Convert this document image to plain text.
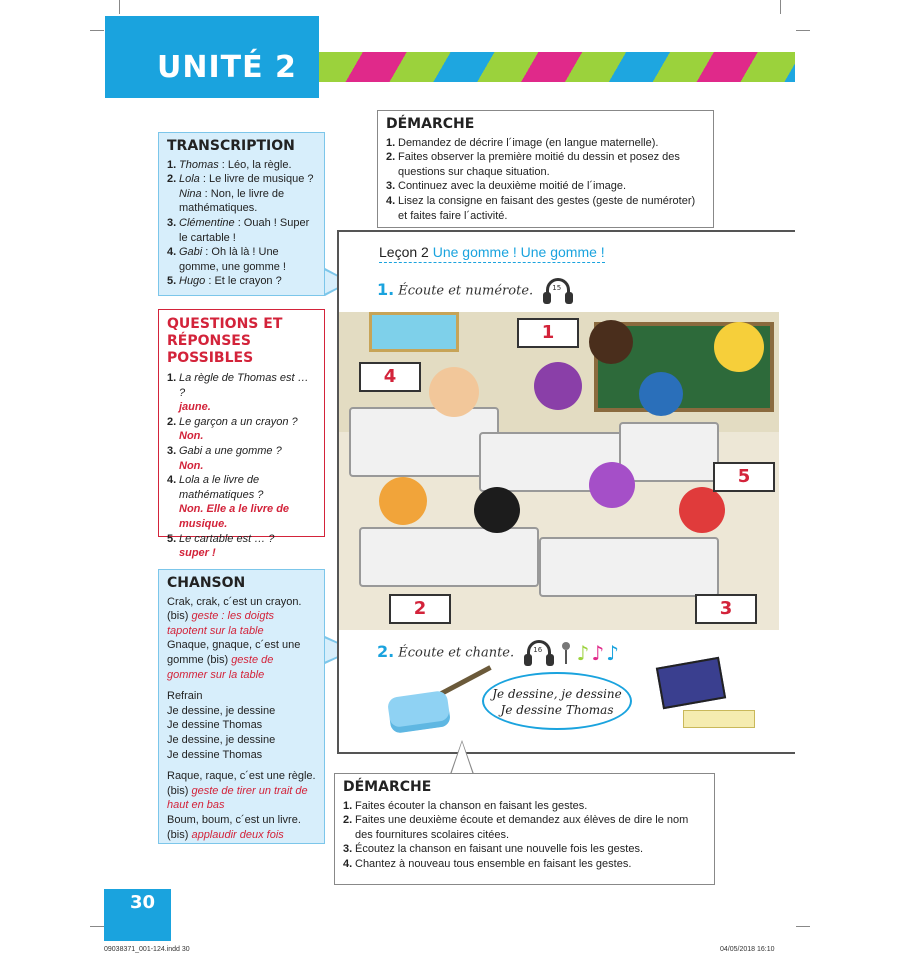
UNITÉ 2
TRANSCRIPTION
1. Thomas : Léo, la règle.
2. Lola : Le livre de musique ?
Nina : Non, le livre de mathématiques.
3. Clémentine : Ouah ! Super le cartable !
4. Gabi : Oh là là ! Une gomme, une gomme !
5. Hugo : Et le crayon ?
QUESTIONS ET RÉPONSES POSSIBLES
1. La règle de Thomas est … ?
jaune.
2. Le garçon a un crayon ?
Non.
3. Gabi a une gomme ?
Non.
4. Lola a le livre de mathématiques ?
Non. Elle a le livre de musique.
5. Le cartable est … ?
super !
CHANSON

Crak, crak, c´est un crayon. (bis) geste : les doigts tapotent sur la table

Gnaque, gnaque, c´est une gomme (bis) geste de gommer sur la table

Refrain

Je dessine, je dessine

Je dessine Thomas

Je dessine, je dessine

Je dessine Thomas

Raque, raque, c´est une règle. (bis) geste de tirer un trait de haut en bas

Boum, boum, c´est un livre. (bis) applaudir deux fois

DÉMARCHE
1. Demandez de décrire l´image (en langue maternelle).
2. Faites observer la première moitié du dessin et posez des questions sur chaque situation.
3. Continuez avec la deuxième moitié de l´image.
4. Lisez la consigne en faisant des gestes (geste de numéroter) et faites faire l´activité.
Leçon 2 Une gomme ! Une gomme !
1. Écoute et numérote.	15
1
4
5
2	3
2. Écoute et chante.	16 ♪ ♪ ♪
Je dessine, je dessine
Je dessine Thomas
DÉMARCHE
1. Faites écouter la chanson en faisant les gestes.
2. Faites une deuxième écoute et demandez aux élèves de dire le nom des fournitures scolaires citées.
3. Écoutez la chanson en faisant une nouvelle fois les gestes.
4. Chantez à nouveau tous ensemble en faisant les gestes.
30
09038371_001-124.indd 30	04/05/2018 16:10
